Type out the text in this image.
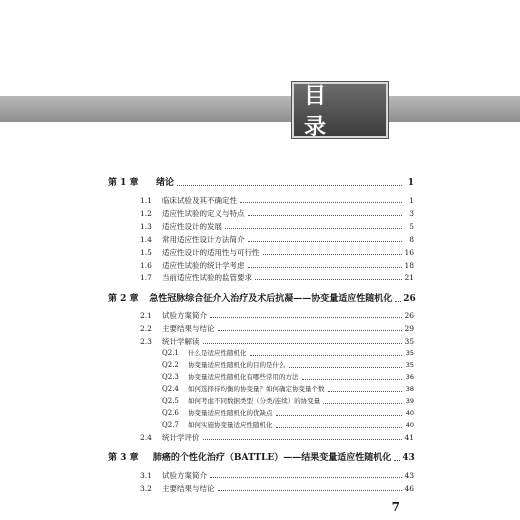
目 录
第 1 章	绪论	1
1.1	临床试验及其不确定性	1
1.2	适应性试验的定义与特点	3
1.3	适应性设计的发展	5
1.4	常用适应性设计方法简介	8
1.5	适应性设计的适用性与可行性	16
1.6	适应性试验的统计学考虑	18
1.7	当前适应性试验的监管要求	21
第 2 章	急性冠脉综合征介入治疗及术后抗凝——协变量适应性随机化 26
2.1	试验方案简介	26
2.2	主要结果与结论	29
2.3	统计学解读	35
Q2.1	什么是适应性随机化	35
Q2.2	协变量适应性随机化的目的是什么	35
Q2.3	协变量适应性随机化有哪些常用的方法	36
Q2.4	如何选择待均衡的协变量？如何确定协变量个数	38
Q2.5	如何考虑不同数据类型（分类/连续）的协变量	39
Q2.6	协变量适应性随机化的优缺点	40
Q2.7	如何实施协变量适应性随机化	40
2.4	统计学评价	41
第 3 章	肺癌的个性化治疗（BATTLE）——结果变量适应性随机化 43
3.1	试验方案简介	43
3.2	主要结果与结论	46
7
